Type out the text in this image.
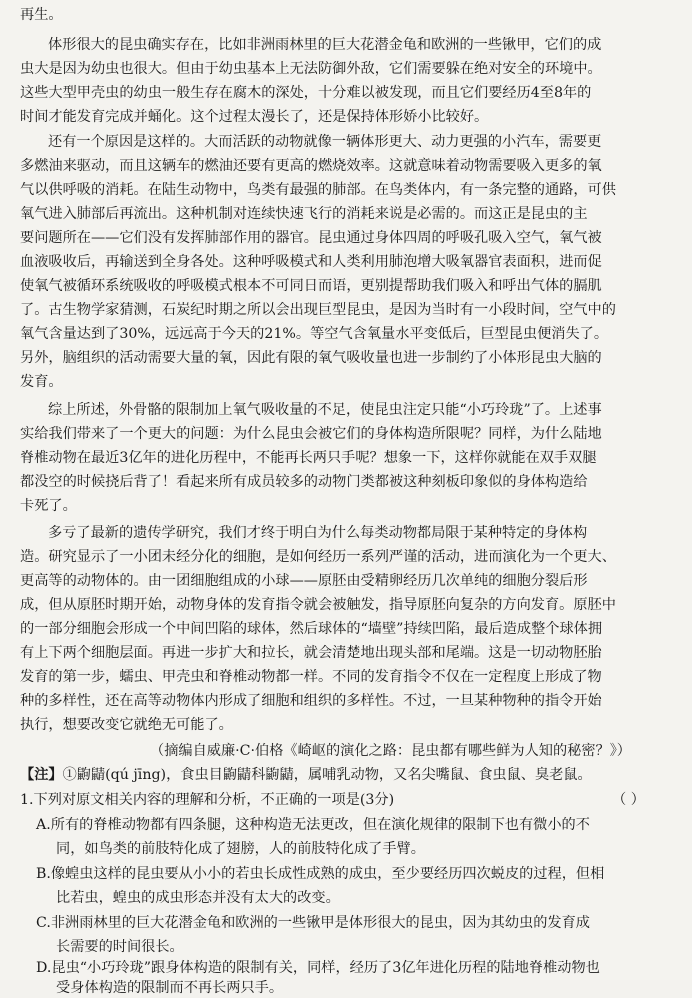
再生。
体形很大的昆虫确实存在，比如非洲雨林里的巨大花潜金龟和欧洲的一些锹甲，它们的成
虫大是因为幼虫也很大。但由于幼虫基本上无法防御外敌，它们需要躲在绝对安全的环境中。
这些大型甲壳虫的幼虫一般生存在腐木的深处，十分难以被发现，而且它们要经历4至8年的
时间才能发育完成并蛹化。这个过程太漫长了，还是保持体形娇小比较好。
还有一个原因是这样的。大而活跃的动物就像一辆体形更大、动力更强的小汽车，需要更
多燃油来驱动，而且这辆车的燃油还要有更高的燃烧效率。这就意味着动物需要吸入更多的氧
气以供呼吸的消耗。在陆生动物中，鸟类有最强的肺部。在鸟类体内，有一条完整的通路，可供
氧气进入肺部后再流出。这种机制对连续快速飞行的消耗来说是必需的。而这正是昆虫的主
要问题所在——它们没有发挥肺部作用的器官。昆虫通过身体四周的呼吸孔吸入空气，氧气被
血液吸收后，再输送到全身各处。这种呼吸模式和人类利用肺泡增大吸氧器官表面积，进而促
使氧气被循环系统吸收的呼吸模式根本不可同日而语，更别提帮助我们吸入和呼出气体的膈肌
了。古生物学家猜测，石炭纪时期之所以会出现巨型昆虫，是因为当时有一小段时间，空气中的
氧气含量达到了30%，远远高于今天的21%。等空气含氧量水平变低后，巨型昆虫便消失了。
另外，脑组织的活动需要大量的氧，因此有限的氧气吸收量也进一步制约了小体形昆虫大脑的
发育。
综上所述，外骨骼的限制加上氧气吸收量的不足，使昆虫注定只能“小巧玲珑”了。上述事
实给我们带来了一个更大的问题：为什么昆虫会被它们的身体构造所限呢？同样，为什么陆地
脊椎动物在最近3亿年的进化历程中，不能再长两只手呢？想象一下，这样你就能在双手双腿
都没空的时候挠后背了！看起来所有成员较多的动物门类都被这种刻板印象似的身体构造给
卡死了。
多亏了最新的遗传学研究，我们才终于明白为什么每类动物都局限于某种特定的身体构
造。研究显示了一小团未经分化的细胞，是如何经历一系列严谨的活动，进而演化为一个更大、
更高等的动物体的。由一团细胞组成的小球——原胚由受精卵经历几次单纯的细胞分裂后形
成，但从原胚时期开始，动物身体的发育指令就会被触发，指导原胚向复杂的方向发育。原胚中
的一部分细胞会形成一个中间凹陷的球体，然后球体的“墙壁”持续凹陷，最后造成整个球体拥
有上下两个细胞层面。再进一步扩大和拉长，就会清楚地出现头部和尾端。这是一切动物胚胎
发育的第一步，蠕虫、甲壳虫和脊椎动物都一样。不同的发育指令不仅在一定程度上形成了物
种的多样性，还在高等动物体内形成了细胞和组织的多样性。不过，一旦某种物种的指令开始
执行，想要改变它就绝无可能了。
（摘编自威廉·C·伯格《崎岖的演化之路：昆虫都有哪些鲜为人知的秘密？》）
【注】①鼩鼱(qú jīng)，食虫目鼩鼱科鼩鼱，属哺乳动物，又名尖嘴鼠、食虫鼠、臭老鼠。
1.下列对原文相关内容的理解和分析，不正确的一项是(3分)	（ ）
A.所有的脊椎动物都有四条腿，这种构造无法更改，但在演化规律的限制下也有微小的不
同，如鸟类的前肢特化成了翅膀，人的前肢特化成了手臂。
B.像蝗虫这样的昆虫要从小小的若虫长成性成熟的成虫，至少要经历四次蜕皮的过程，但相
比若虫，蝗虫的成虫形态并没有太大的改变。
C.非洲雨林里的巨大花潜金龟和欧洲的一些锹甲是体形很大的昆虫，因为其幼虫的发育成
长需要的时间很长。
D.昆虫“小巧玲珑”跟身体构造的限制有关，同样，经历了3亿年进化历程的陆地脊椎动物也
受身体构造的限制而不再长两只手。
